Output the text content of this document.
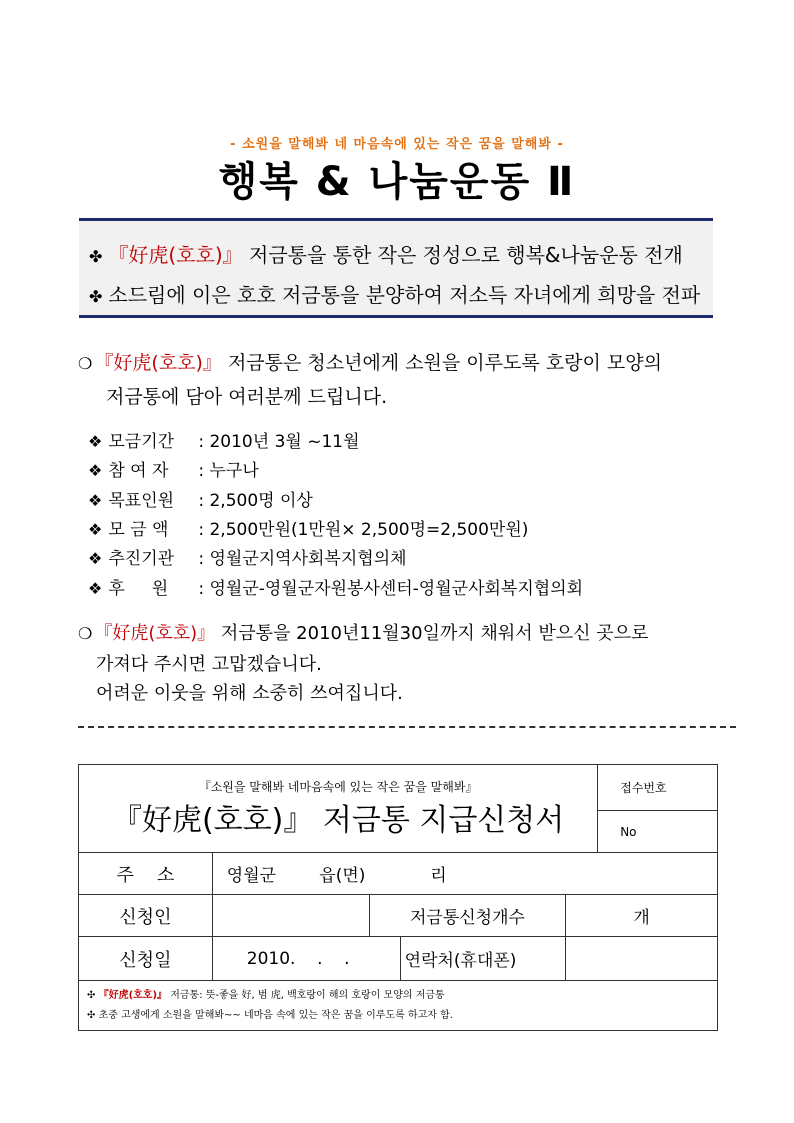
- 소원을 말해봐 네 마음속에 있는 작은 꿈을 말해봐 -
행복 & 나눔운동 Ⅱ
✤ 『好虎(호호)』 저금통을 통한 작은 정성으로 행복&나눔운동 전개
✤ 소드림에 이은 호호 저금통을 분양하여 저소득 자녀에게 희망을 전파
❍ 『好虎(호호)』 저금통은 청소년에게 소원을 이루도록 호랑이 모양의
저금통에 담아 여러분께 드립니다.
❖ 모금기간 : 2010년 3월 ~11월
❖ 참 여 자 : 누구나
❖ 목표인원 : 2,500명 이상
❖ 모 금 액 : 2,500만원(1만원× 2,500명=2,500만원)
❖ 추진기관 : 영월군지역사회복지협의체
❖ 후     원 : 영월군-영월군자원봉사센터-영월군사회복지협의회
❍ 『好虎(호호)』 저금통을 2010년11월30일까지 채워서 받으신 곳으로
가져다 주시면 고맙겠습니다.
어려운 이웃을 위해 소중히 쓰여집니다.
『소원을 말해봐 네마음속에 있는 작은 꿈을 말해봐』
『好虎(호호)』 저금통 지급신청서					접수번호
					No
주    소	영월군        읍(면)            리				
신청인		저금통신청개수		개	
신청일	2010.    .    .		연락처(휴대폰)		

✣ 『好虎(호호)』 저금통: 뜻-좋을 好, 범 虎, 백호랑이 해의 호랑이 모양의 저금통
✣ 초중 고생에게 소원을 말해봐~~ 네마음 속에 있는 작은 꿈을 이루도록 하고자 함.					
